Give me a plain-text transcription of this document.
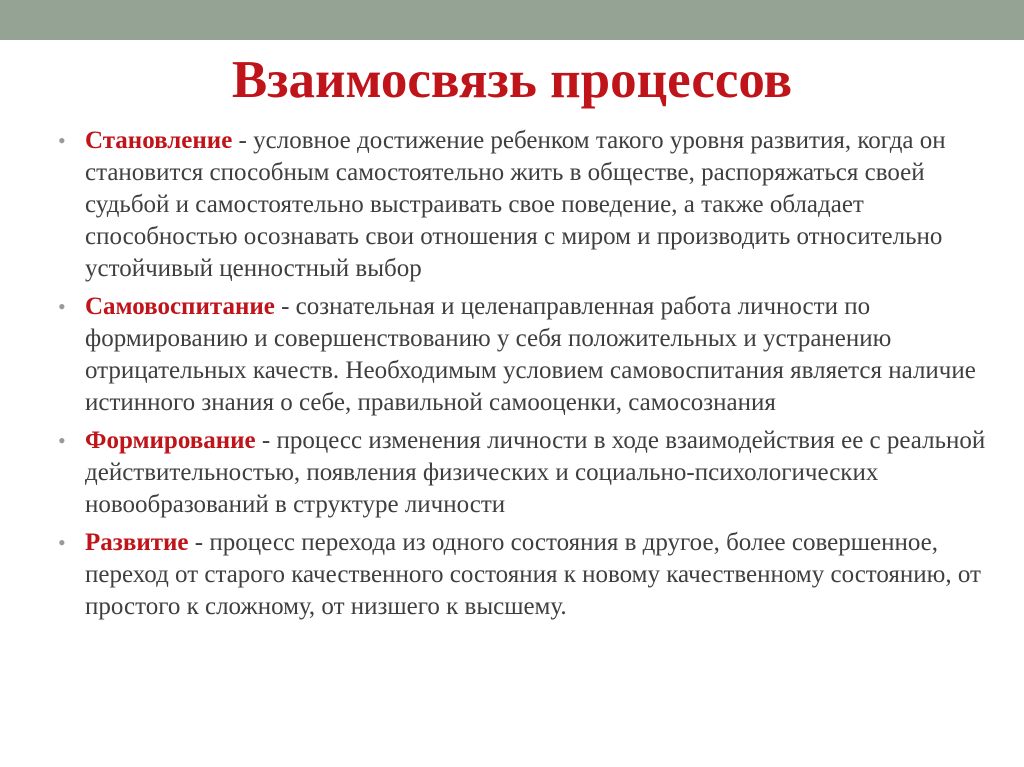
Взаимосвязь процессов
• Становление - условное достижение ребенком такого уровня развития, когда он становится способным самостоятельно жить в обществе, распоряжаться своей судьбой и самостоятельно выстраивать свое поведение, а также обладает способностью осознавать свои отношения с миром и производить относительно устойчивый ценностный выбор
• Самовоспитание - сознательная и целенаправленная работа личности по формированию и совершенствованию у себя положительных и устранению отрицательных качеств. Необходимым условием самовоспитания является наличие истинного знания о себе, правильной самооценки, самосознания
• Формирование - процесс изменения личности в ходе взаимодействия ее с реальной действительностью, появления физических и социально-психологических новообразований в структуре личности
• Развитие - процесс перехода из одного состояния в другое, более совершенное, переход от старого качественного состояния к новому качественному состоянию, от простого к сложному, от низшего к высшему.
